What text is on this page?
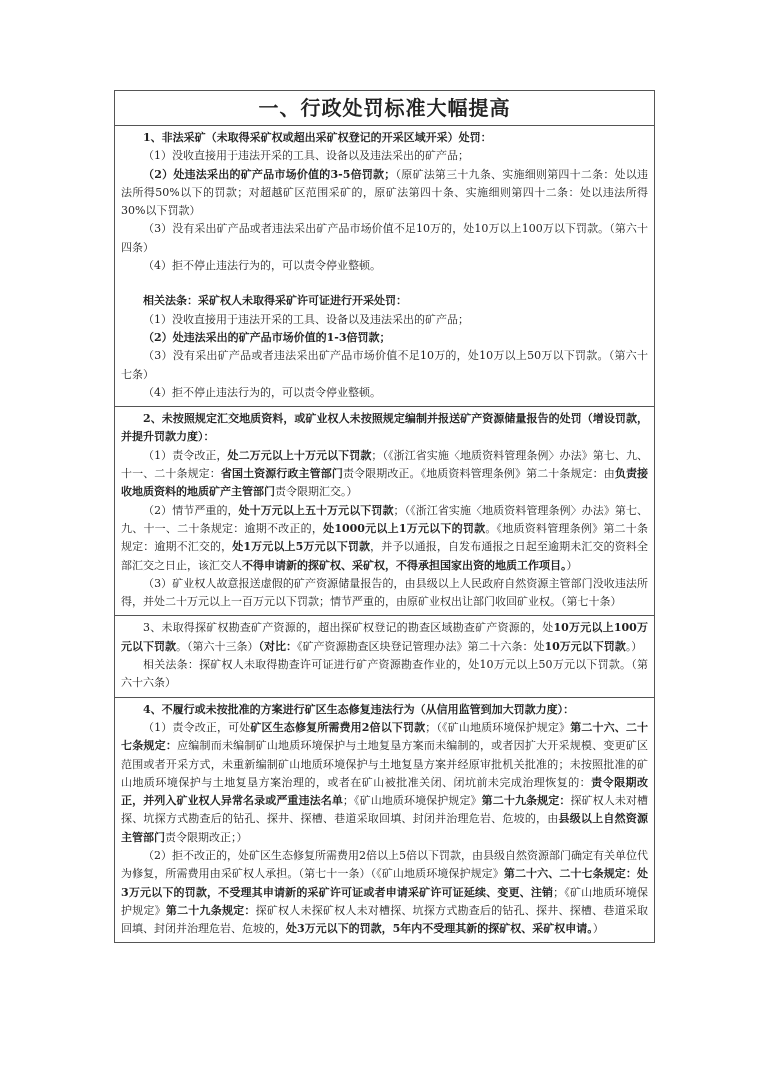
一、行政处罚标准大幅提高

1、非法采矿（未取得采矿权或超出采矿权登记的开采区域开采）处罚：

（1）没收直接用于违法开采的工具、设备以及违法采出的矿产品；

（2）处违法采出的矿产品市场价值的3-5倍罚款；（原矿法第三十九条、实施细则第四十二条：处以违法所得50%以下的罚款；对超越矿区范围采矿的，原矿法第四十条、实施细则第四十二条：处以违法所得30%以下罚款）

（3）没有采出矿产品或者违法采出矿产品市场价值不足10万的，处10万以上100万以下罚款。（第六十四条）

（4）拒不停止违法行为的，可以责令停业整顿。

相关法条：采矿权人未取得采矿许可证进行开采处罚：

（1）没收直接用于违法开采的工具、设备以及违法采出的矿产品；

（2）处违法采出的矿产品市场价值的1-3倍罚款；

（3）没有采出矿产品或者违法采出矿产品市场价值不足10万的，处10万以上50万以下罚款。（第六十七条）

（4）拒不停止违法行为的，可以责令停业整顿。

2、未按照规定汇交地质资料，或矿业权人未按照规定编制并报送矿产资源储量报告的处罚（增设罚款，并提升罚款力度）：

（1）责令改正，处二万元以上十万元以下罚款；（《浙江省实施〈地质资料管理条例〉办法》第七、九、十一、二十条规定：省国土资源行政主管部门责令限期改正。《地质资料管理条例》第二十条规定：由负责接收地质资料的地质矿产主管部门责令限期汇交。）

（2）情节严重的，处十万元以上五十万元以下罚款；（《浙江省实施〈地质资料管理条例〉办法》第七、九、十一、二十条规定：逾期不改正的，处1000元以上1万元以下的罚款。《地质资料管理条例》第二十条规定：逾期不汇交的，处1万元以上5万元以下罚款，并予以通报，自发布通报之日起至逾期未汇交的资料全部汇交之日止，该汇交人不得申请新的探矿权、采矿权，不得承担国家出资的地质工作项目。）

（3）矿业权人故意报送虚假的矿产资源储量报告的，由县级以上人民政府自然资源主管部门没收违法所得，并处二十万元以上一百万元以下罚款；情节严重的，由原矿业权出让部门收回矿业权。（第七十条）

3、未取得探矿权勘查矿产资源的，超出探矿权登记的勘查区域勘查矿产资源的，处10万元以上100万元以下罚款。（第六十三条）（对比：《矿产资源勘查区块登记管理办法》第二十六条：处10万元以下罚款。）

相关法条：探矿权人未取得勘查许可证进行矿产资源勘查作业的，处10万元以上50万元以下罚款。（第六十六条）

4、不履行或未按批准的方案进行矿区生态修复违法行为（从信用监管到加大罚款力度）：

（1）责令改正，可处矿区生态修复所需费用2倍以下罚款；（《矿山地质环境保护规定》第二十六、二十七条规定：应编制而未编制矿山地质环境保护与土地复垦方案而未编制的，或者因扩大开采规模、变更矿区范围或者开采方式，未重新编制矿山地质环境保护与土地复垦方案并经原审批机关批准的；未按照批准的矿山地质环境保护与土地复垦方案治理的，或者在矿山被批准关闭、闭坑前未完成治理恢复的：责令限期改正，并列入矿业权人异常名录或严重违法名单；《矿山地质环境保护规定》第二十九条规定：探矿权人未对槽探、坑探方式勘查后的钻孔、探井、探槽、巷道采取回填、封闭并治理危岩、危坡的，由县级以上自然资源主管部门责令限期改正；）

（2）拒不改正的，处矿区生态修复所需费用2倍以上5倍以下罚款，由县级自然资源部门确定有关单位代为修复，所需费用由采矿权人承担。（第七十一条）（《矿山地质环境保护规定》第二十六、二十七条规定：处3万元以下的罚款，不受理其申请新的采矿许可证或者申请采矿许可证延续、变更、注销；《矿山地质环境保护规定》第二十九条规定：探矿权人未探矿权人未对槽探、坑探方式勘查后的钻孔、探井、探槽、巷道采取回填、封闭并治理危岩、危坡的，处3万元以下的罚款，5年内不受理其新的探矿权、采矿权申请。）
